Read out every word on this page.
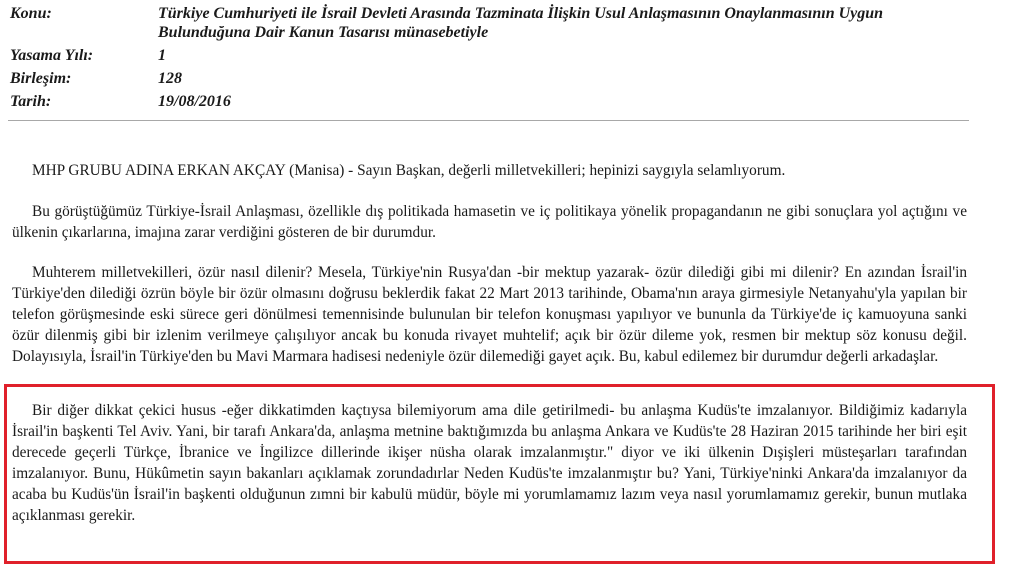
Konu:	Türkiye Cumhuriyeti ile İsrail Devleti Arasında Tazminata İlişkin Usul Anlaşmasının Onaylanmasının Uygun Bulunduğuna Dair Kanun Tasarısı münasebetiyle
Yasama Yılı:	1
Birleşim:	128
Tarih:	19/08/2016

MHP GRUBU ADINA ERKAN AKÇAY (Manisa) - Sayın Başkan, değerli milletvekilleri; hepinizi saygıyla selamlıyorum.

Bu görüştüğümüz Türkiye-İsrail Anlaşması, özellikle dış politikada hamasetin ve iç politikaya yönelik propagandanın ne gibi sonuçlara yol açtığını ve ülkenin çıkarlarına, imajına zarar verdiğini gösteren de bir durumdur.

Muhterem milletvekilleri, özür nasıl dilenir? Mesela, Türkiye'nin Rusya'dan -bir mektup yazarak- özür dilediği gibi mi dilenir? En azından İsrail'in Türkiye'den dilediği özrün böyle bir özür olmasını doğrusu beklerdik fakat 22 Mart 2013 tarihinde, Obama'nın araya girmesiyle Netanyahu'yla yapılan bir telefon görüşmesinde eski sürece geri dönülmesi temennisinde bulunulan bir telefon konuşması yapılıyor ve bununla da Türkiye'de iç kamuoyuna sanki özür dilenmiş gibi bir izlenim verilmeye çalışılıyor ancak bu konuda rivayet muhtelif; açık bir özür dileme yok, resmen bir mektup söz konusu değil. Dolayısıyla, İsrail'in Türkiye'den bu Mavi Marmara hadisesi nedeniyle özür dilemediği gayet açık. Bu, kabul edilemez bir durumdur değerli arkadaşlar.

Bir diğer dikkat çekici husus -eğer dikkatimden kaçtıysa bilemiyorum ama dile getirilmedi- bu anlaşma Kudüs'te imzalanıyor. Bildiğimiz kadarıyla İsrail'in başkenti Tel Aviv. Yani, bir tarafı Ankara'da, anlaşma metnine baktığımızda bu anlaşma Ankara ve Kudüs'te 28 Haziran 2015 tarihinde her biri eşit derecede geçerli Türkçe, İbranice ve İngilizce dillerinde ikişer nüsha olarak imzalanmıştır." diyor ve iki ülkenin Dışişleri müsteşarları tarafından imzalanıyor. Bunu, Hükûmetin sayın bakanları açıklamak zorundadırlar Neden Kudüs'te imzalanmıştır bu? Yani, Türkiye'ninki Ankara'da imzalanıyor da acaba bu Kudüs'ün İsrail'in başkenti olduğunun zımni bir kabulü müdür, böyle mi yorumlamamız lazım veya nasıl yorumlamamız gerekir, bunun mutlaka açıklanması gerekir.
